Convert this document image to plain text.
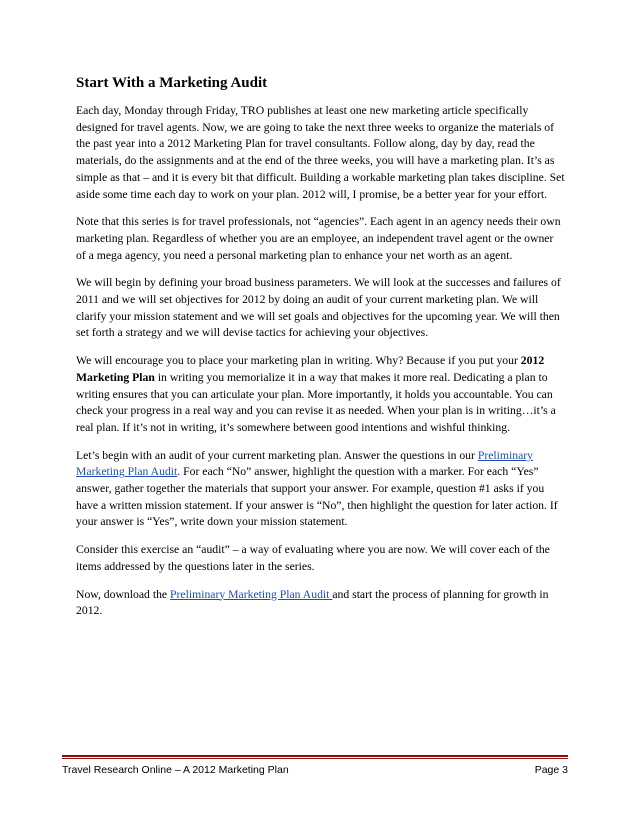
Start With a Marketing Audit

Each day, Monday through Friday, TRO publishes at least one new marketing article specifically designed for travel agents. Now, we are going to take the next three weeks to organize the materials of the past year into a 2012 Marketing Plan for travel consultants. Follow along, day by day, read the materials, do the assignments and at the end of the three weeks, you will have a marketing plan. It’s as simple as that – and it is every bit that difficult. Building a workable marketing plan takes discipline. Set aside some time each day to work on your plan. 2012 will, I promise, be a better year for your effort.

Note that this series is for travel professionals, not “agencies”. Each agent in an agency needs their own marketing plan. Regardless of whether you are an employee, an independent travel agent or the owner of a mega agency, you need a personal marketing plan to enhance your net worth as an agent.

We will begin by defining your broad business parameters. We will look at the successes and failures of 2011 and we will set objectives for 2012 by doing an audit of your current marketing plan. We will clarify your mission statement and we will set goals and objectives for the upcoming year. We will then set forth a strategy and we will devise tactics for achieving your objectives.

We will encourage you to place your marketing plan in writing. Why? Because if you put your 2012 Marketing Plan in writing you memorialize it in a way that makes it more real. Dedicating a plan to writing ensures that you can articulate your plan. More importantly, it holds you accountable. You can check your progress in a real way and you can revise it as needed. When your plan is in writing…it’s a real plan. If it’s not in writing, it’s somewhere between good intentions and wishful thinking.

Let’s begin with an audit of your current marketing plan. Answer the questions in our Preliminary Marketing Plan Audit. For each “No” answer, highlight the question with a marker. For each “Yes” answer, gather together the materials that support your answer. For example, question #1 asks if you have a written mission statement. If your answer is “No”, then highlight the question for later action. If your answer is “Yes”, write down your mission statement.

Consider this exercise an “audit” – a way of evaluating where you are now. We will cover each of the items addressed by the questions later in the series.

Now, download the Preliminary Marketing Plan Audit and start the process of planning for growth in 2012.

Travel Research Online – A 2012 Marketing Plan	Page 3
